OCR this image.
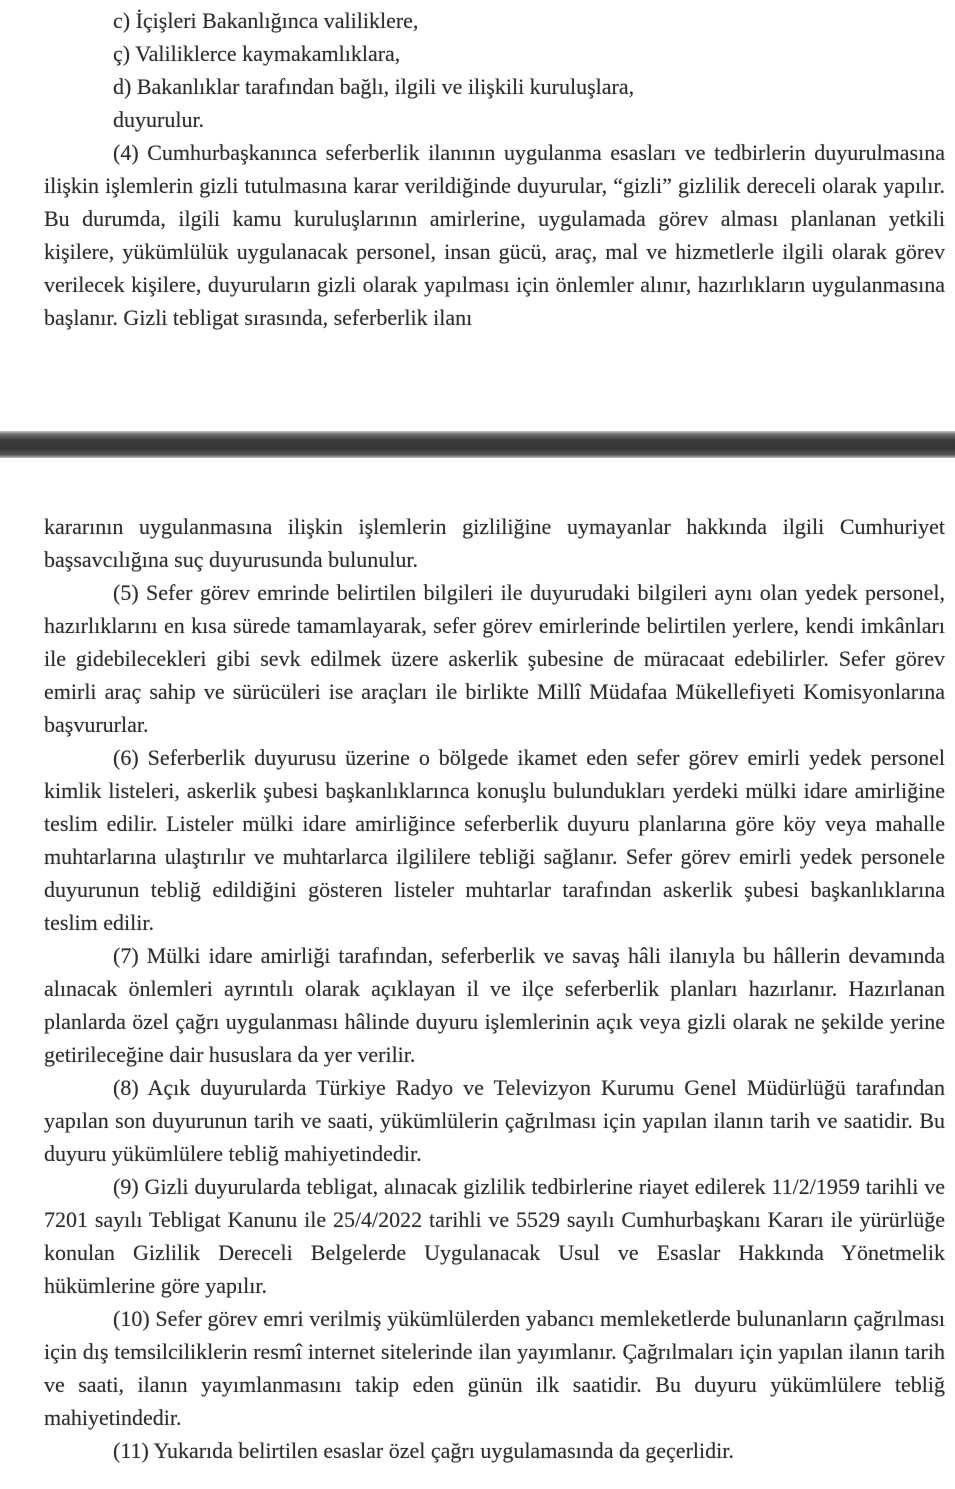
c) İçişleri Bakanlığınca valiliklere,
ç) Valiliklerce kaymakamlıklara,
d) Bakanlıklar tarafından bağlı, ilgili ve ilişkili kuruluşlara,
duyurulur.

(4) Cumhurbaşkanınca seferberlik ilanının uygulanma esasları ve tedbirlerin duyurulmasına ilişkin işlemlerin gizli tutulmasına karar verildiğinde duyurular, “gizli” gizlilik dereceli olarak yapılır. Bu durumda, ilgili kamu kuruluşlarının amirlerine, uygulamada görev alması planlanan yetkili kişilere, yükümlülük uygulanacak personel, insan gücü, araç, mal ve hizmetlerle ilgili olarak görev verilecek kişilere, duyuruların gizli olarak yapılması için önlemler alınır, hazırlıkların uygulanmasına başlanır. Gizli tebligat sırasında, seferberlik ilanı

kararının uygulanmasına ilişkin işlemlerin gizliliğine uymayanlar hakkında ilgili Cumhuriyet başsavcılığına suç duyurusunda bulunulur.

(5) Sefer görev emrinde belirtilen bilgileri ile duyurudaki bilgileri aynı olan yedek personel, hazırlıklarını en kısa sürede tamamlayarak, sefer görev emirlerinde belirtilen yerlere, kendi imkânları ile gidebilecekleri gibi sevk edilmek üzere askerlik şubesine de müracaat edebilirler. Sefer görev emirli araç sahip ve sürücüleri ise araçları ile birlikte Millî Müdafaa Mükellefiyeti Komisyonlarına başvururlar.

(6) Seferberlik duyurusu üzerine o bölgede ikamet eden sefer görev emirli yedek personel kimlik listeleri, askerlik şubesi başkanlıklarınca konuşlu bulundukları yerdeki mülki idare amirliğine teslim edilir. Listeler mülki idare amirliğince seferberlik duyuru planlarına göre köy veya mahalle muhtarlarına ulaştırılır ve muhtarlarca ilgililere tebliği sağlanır. Sefer görev emirli yedek personele duyurunun tebliğ edildiğini gösteren listeler muhtarlar tarafından askerlik şubesi başkanlıklarına teslim edilir.

(7) Mülki idare amirliği tarafından, seferberlik ve savaş hâli ilanıyla bu hâllerin devamında alınacak önlemleri ayrıntılı olarak açıklayan il ve ilçe seferberlik planları hazırlanır. Hazırlanan planlarda özel çağrı uygulanması hâlinde duyuru işlemlerinin açık veya gizli olarak ne şekilde yerine getirileceğine dair hususlara da yer verilir.

(8) Açık duyurularda Türkiye Radyo ve Televizyon Kurumu Genel Müdürlüğü tarafından yapılan son duyurunun tarih ve saati, yükümlülerin çağrılması için yapılan ilanın tarih ve saatidir. Bu duyuru yükümlülere tebliğ mahiyetindedir.

(9) Gizli duyurularda tebligat, alınacak gizlilik tedbirlerine riayet edilerek 11/2/1959 tarihli ve 7201 sayılı Tebligat Kanunu ile 25/4/2022 tarihli ve 5529 sayılı Cumhurbaşkanı Kararı ile yürürlüğe konulan Gizlilik Dereceli Belgelerde Uygulanacak Usul ve Esaslar Hakkında Yönetmelik hükümlerine göre yapılır.

(10) Sefer görev emri verilmiş yükümlülerden yabancı memleketlerde bulunanların çağrılması için dış temsilciliklerin resmî internet sitelerinde ilan yayımlanır. Çağrılmaları için yapılan ilanın tarih ve saati, ilanın yayımlanmasını takip eden günün ilk saatidir. Bu duyuru yükümlülere tebliğ mahiyetindedir.

(11) Yukarıda belirtilen esaslar özel çağrı uygulamasında da geçerlidir.
